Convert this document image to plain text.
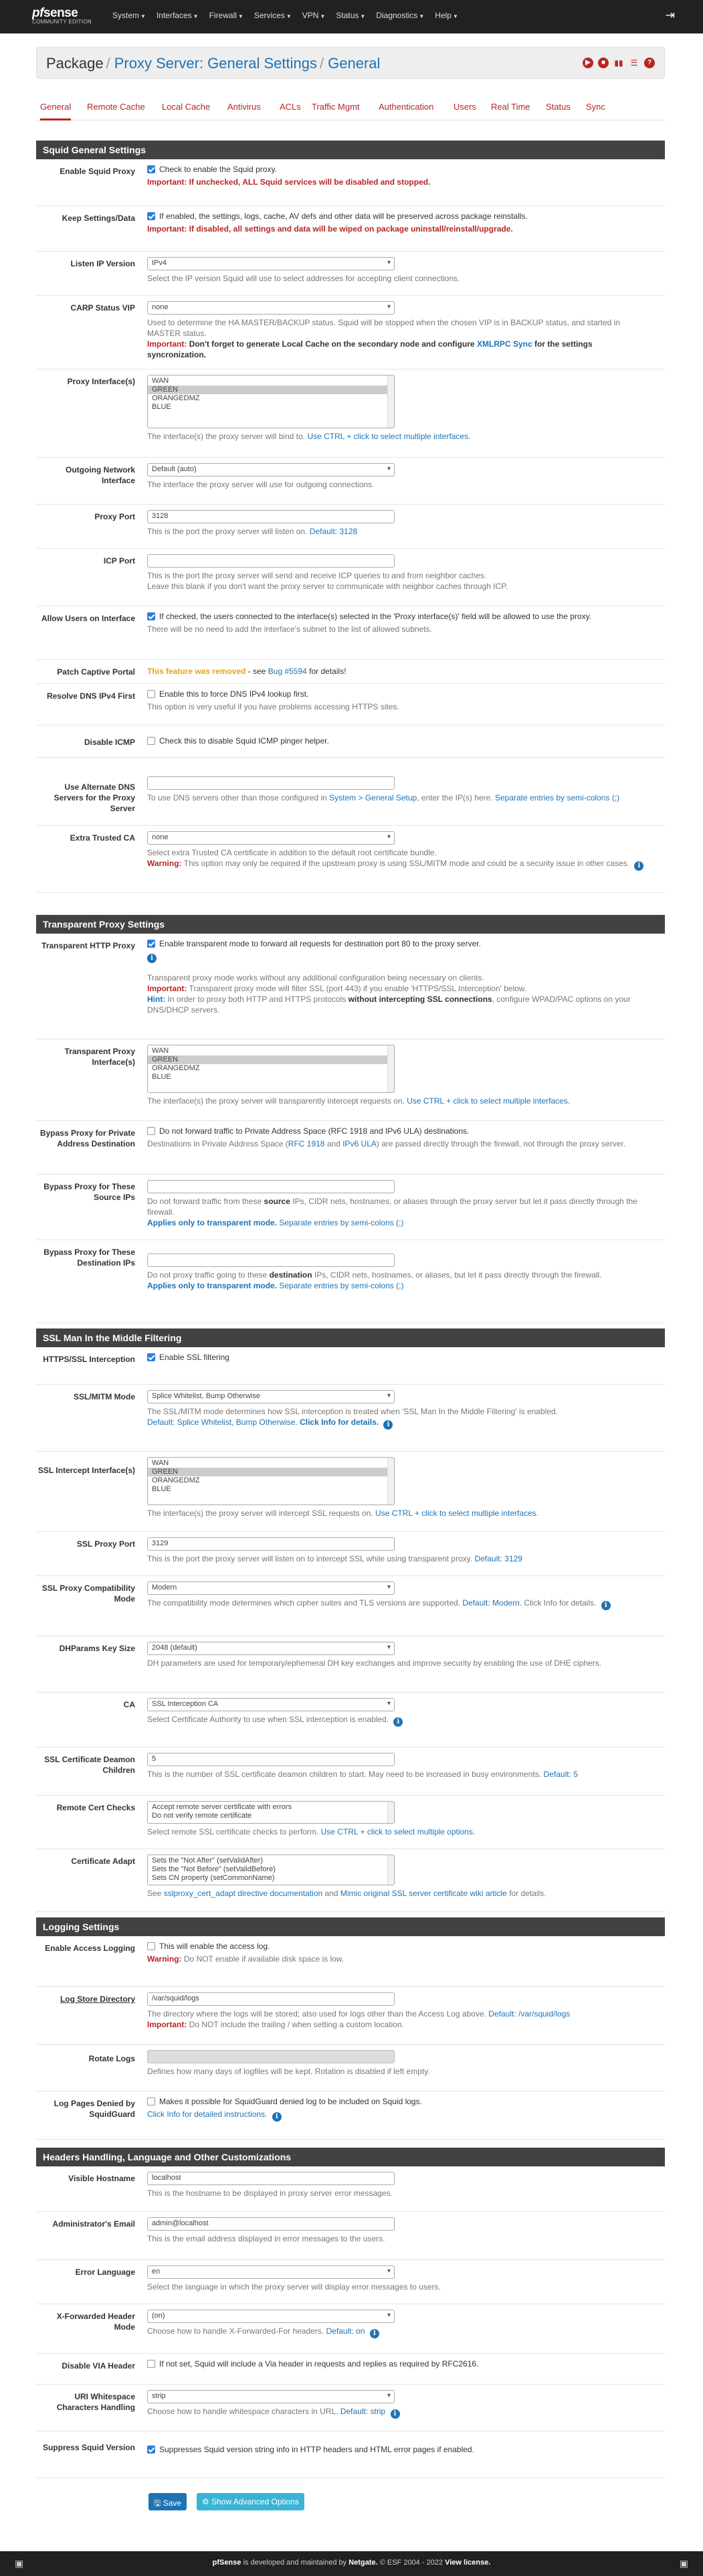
pfsense
COMMUNITY EDITION
System ▼ Interfaces ▼ Firewall ▼ Services ▼ VPN ▼ Status ▼ Diagnostics ▼ Help ▼	⇥
Package / Proxy Server: General Settings / General	▶	■	▮▮ ☰	?
General Remote Cache Local Cache Antivirus ACLs Traffic Mgmt Authentication Users Real Time Status Sync
Squid General Settings
Enable Squid Proxy	Check to enable the Squid proxy.
Important: If unchecked, ALL Squid services will be disabled and stopped.
Keep Settings/Data	If enabled, the settings, logs, cache, AV defs and other data will be preserved across package reinstalls.
Important: If disabled, all settings and data will be wiped on package uninstall/reinstall/upgrade.
Listen IP Version	IPv4 ▾
Select the IP version Squid will use to select addresses for accepting client connections.
CARP Status VIP	none ▾
Used to determine the HA MASTER/BACKUP status. Squid will be stopped when the chosen VIP is in BACKUP status, and started in MASTER status.
Important: Don't forget to generate Local Cache on the secondary node and configure XMLRPC Sync for the settings syncronization.
Proxy Interface(s)	WAN
GREEN
ORANGEDMZ
BLUE
The interface(s) the proxy server will bind to. Use CTRL + click to select multiple interfaces.
Outgoing Network Interface
Default (auto) ▾
The interface the proxy server will use for outgoing connections.
Proxy Port	3128
This is the port the proxy server will listen on. Default: 3128
ICP Port
This is the port the proxy server will send and receive ICP queries to and from neighbor caches.
Leave this blank if you don't want the proxy server to communicate with neighbor caches through ICP.
Allow Users on Interface	If checked, the users connected to the interface(s) selected in the 'Proxy interface(s)' field will be allowed to use the proxy.
There will be no need to add the interface's subnet to the list of allowed subnets.
Patch Captive Portal This feature was removed - see Bug #5594 for details!
Resolve DNS IPv4 First	Enable this to force DNS IPv4 lookup first.
This option is very useful if you have problems accessing HTTPS sites.
Disable ICMP	Check this to disable Squid ICMP pinger helper.
Use Alternate DNS Servers for the Proxy Server
To use DNS servers other than those configured in System > General Setup, enter the IP(s) here. Separate entries by semi-colons (;)
Extra Trusted CA	none ▾
Select extra Trusted CA certificate in addition to the default root certificate bundle.
Warning: This option may only be required if the upstream proxy is using SSL/MITM mode and could be a security issue in other cases. i
Transparent Proxy Settings
Transparent HTTP Proxy	Enable transparent mode to forward all requests for destination port 80 to the proxy server.
i
Transparent proxy mode works without any additional configuration being necessary on clients.
Important: Transparent proxy mode will filter SSL (port 443) if you enable 'HTTPS/SSL Interception' below.
Hint: In order to proxy both HTTP and HTTPS protocols without intercepting SSL connections, configure WPAD/PAC options on your DNS/DHCP servers.
Transparent Proxy Interface(s)
WAN
GREEN
ORANGEDMZ
BLUE
The interface(s) the proxy server will transparently intercept requests on. Use CTRL + click to select multiple interfaces.
Bypass Proxy for Private Address Destination
Do not forward traffic to Private Address Space (RFC 1918 and IPv6 ULA) destinations.
Destinations in Private Address Space (RFC 1918 and IPv6 ULA) are passed directly through the firewall, not through the proxy server.
Bypass Proxy for These Source IPs Do not forward traffic from these source IPs, CIDR nets, hostnames, or aliases through the proxy server but let it pass directly through the firewall.
Applies only to transparent mode. Separate entries by semi-colons (;)
Bypass Proxy for These Destination IPs
Do not proxy traffic going to these destination IPs, CIDR nets, hostnames, or aliases, but let it pass directly through the firewall.
Applies only to transparent mode. Separate entries by semi-colons (;)
SSL Man In the Middle Filtering
HTTPS/SSL Interception	Enable SSL filtering
SSL/MITM Mode	Splice Whitelist, Bump Otherwise ▾
The SSL/MITM mode determines how SSL interception is treated when 'SSL Man In the Middle Filtering' is enabled.
Default: Splice Whitelist, Bump Otherwise. Click Info for details. i
SSL Intercept Interface(s)
WAN
GREEN
ORANGEDMZ
BLUE
The interface(s) the proxy server will intercept SSL requests on. Use CTRL + click to select multiple interfaces.
SSL Proxy Port	3129
This is the port the proxy server will listen on to intercept SSL while using transparent proxy. Default: 3129
SSL Proxy Compatibility Mode
Modern ▾
The compatibility mode determines which cipher suites and TLS versions are supported. Default: Modern. Click Info for details. i
DHParams Key Size	2048 (default) ▾
DH parameters are used for temporary/ephemeral DH key exchanges and improve security by enabling the use of DHE ciphers.
CA	SSL Interception CA ▾
Select Certificate Authority to use when SSL interception is enabled. i
SSL Certificate Deamon Children
5
This is the number of SSL certificate deamon children to start. May need to be increased in busy environments. Default: 5
Remote Cert Checks	Accept remote server certificate with errors
Do not verify remote certificate
Select remote SSL certificate checks to perform. Use CTRL + click to select multiple options.
Certificate Adapt	Sets the "Not After" (setValidAfter)
Sets the "Not Before" (setValidBefore)
Sets CN property (setCommonName)
See sslproxy_cert_adapt directive documentation and Mimic original SSL server certificate wiki article for details.
Logging Settings
Enable Access Logging	This will enable the access log.
Warning: Do NOT enable if available disk space is low.
Log Store Directory	/var/squid/logs
The directory where the logs will be stored; also used for logs other than the Access Log above. Default: /var/squid/logs
Important: Do NOT include the trailing / when setting a custom location.
Rotate Logs
Defines how many days of logfiles will be kept. Rotation is disabled if left empty.
Log Pages Denied by SquidGuard
Makes it possible for SquidGuard denied log to be included on Squid logs.
Click Info for detailed instructions. i
Headers Handling, Language and Other Customizations
Visible Hostname	localhost
This is the hostname to be displayed in proxy server error messages.
Administrator's Email	admin@localhost
This is the email address displayed in error messages to the users.
Error Language	en ▾
Select the language in which the proxy server will display error messages to users.
X-Forwarded Header Mode
(on) ▾
Choose how to handle X-Forwarded-For headers. Default: on i
Disable VIA Header	If not set, Squid will include a Via header in requests and replies as required by RFC2616.
URI Whitespace Characters Handling
strip ▾
Choose how to handle whitespace characters in URL. Default: strip i
Suppress Squid Version	Suppresses Squid version string info in HTTP headers and HTML error pages if enabled.
🖫 Save	⚙ Show Advanced Options
▣	pfSense is developed and maintained by Netgate. © ESF 2004 - 2022 View license.	▣
